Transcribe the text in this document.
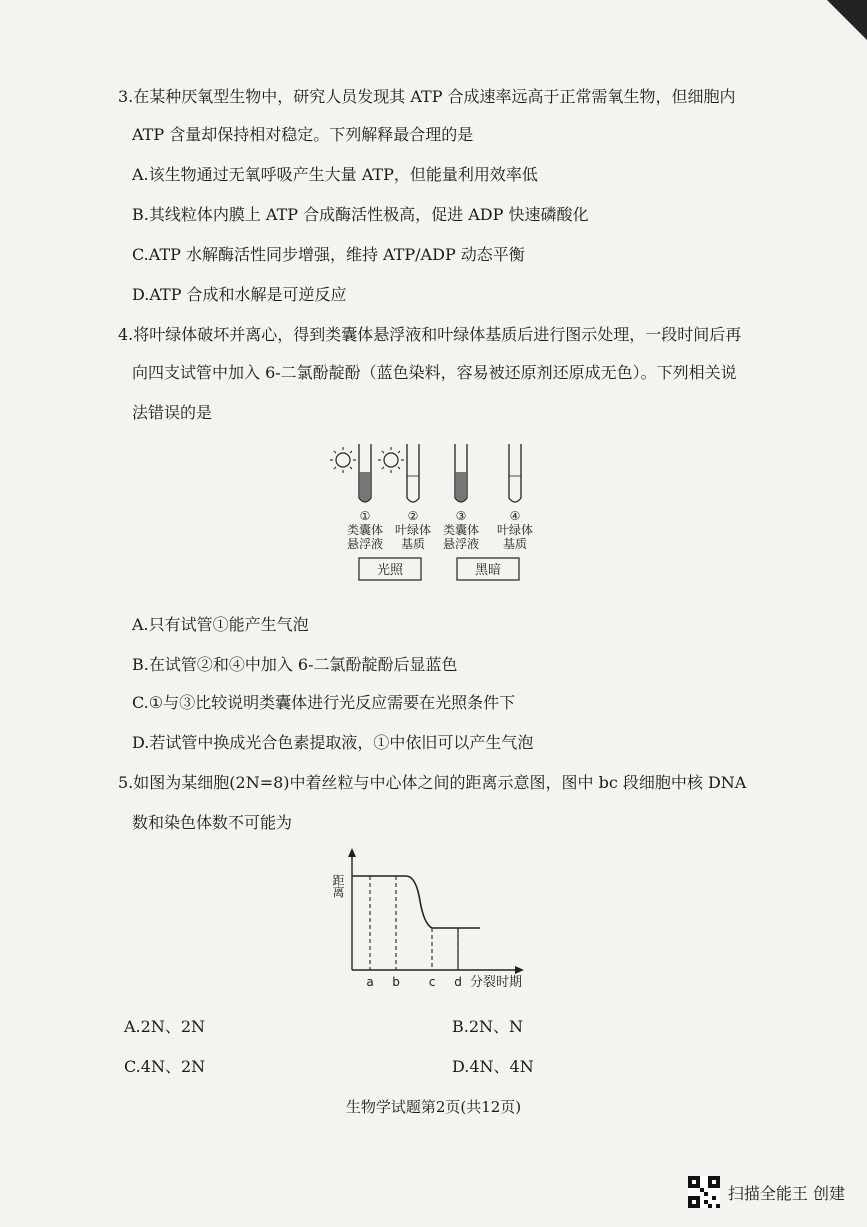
3.在某种厌氧型生物中，研究人员发现其 ATP 合成速率远高于正常需氧生物，但细胞内
ATP 含量却保持相对稳定。下列解释最合理的是
A.该生物通过无氧呼吸产生大量 ATP，但能量利用效率低
B.其线粒体内膜上 ATP 合成酶活性极高，促进 ADP 快速磷酸化
C.ATP 水解酶活性同步增强，维持 ATP/ADP 动态平衡
D.ATP 合成和水解是可逆反应
4.将叶绿体破坏并离心，得到类囊体悬浮液和叶绿体基质后进行图示处理，一段时间后再
向四支试管中加入 6-二氯酚靛酚（蓝色染料，容易被还原剂还原成无色）。下列相关说
法错误的是
①	②	③	④
类囊体
悬浮液
叶绿体
基质
类囊体
悬浮液
叶绿体
基质
光照	黑暗
A.只有试管①能产生气泡
B.在试管②和④中加入 6-二氯酚靛酚后显蓝色
C.①与③比较说明类囊体进行光反应需要在光照条件下
D.若试管中换成光合色素提取液，①中依旧可以产生气泡
5.如图为某细胞(2N=8)中着丝粒与中心体之间的距离示意图，图中 bc 段细胞中核 DNA
数和染色体数不可能为
距离
a b c d 分裂时期
A.2N、2N	B.2N、N
C.4N、2N	D.4N、4N
生物学试题第2页(共12页)
扫描全能王 创建
